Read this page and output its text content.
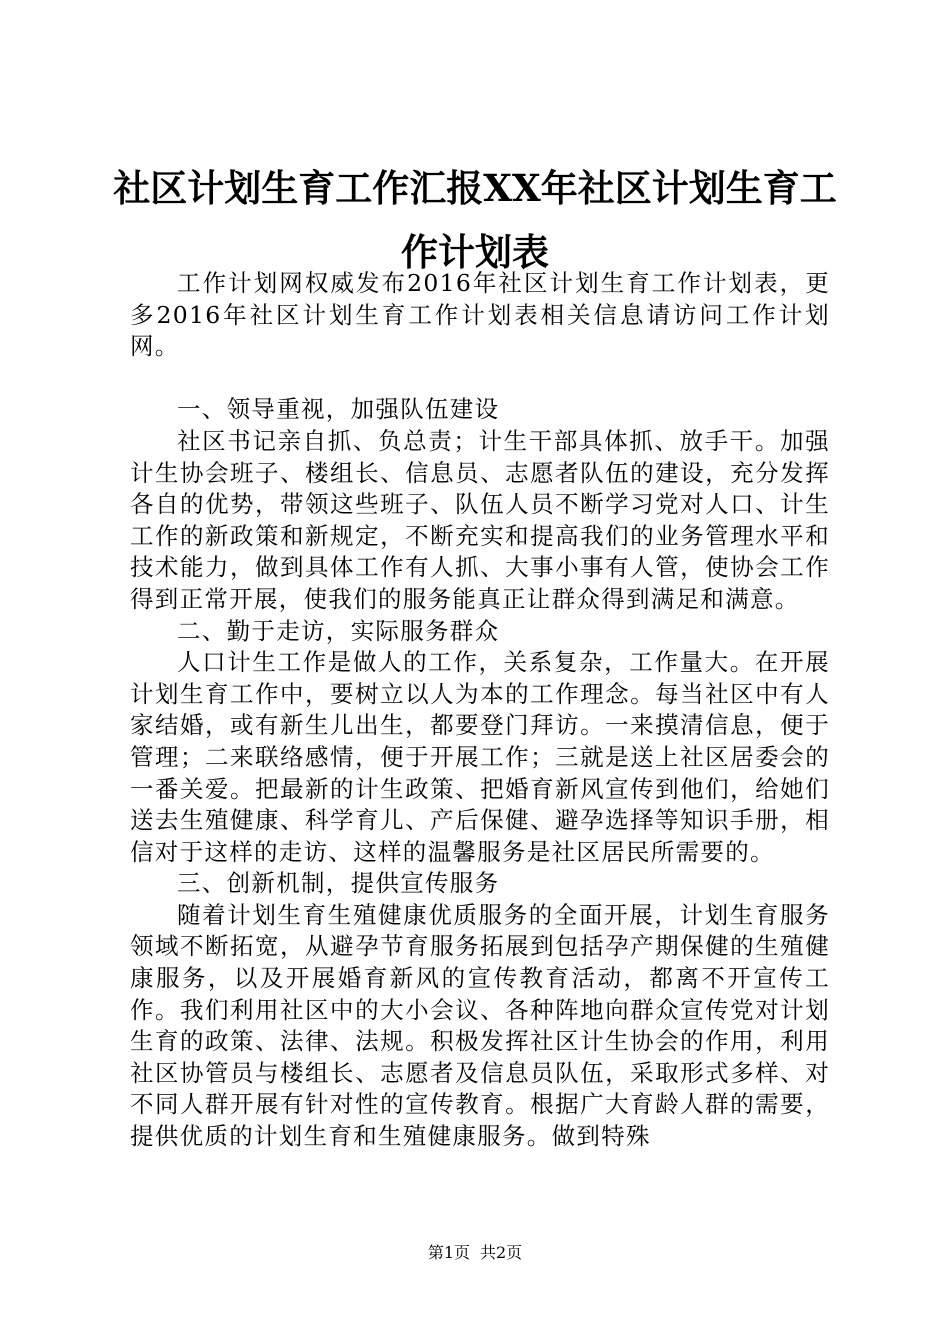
社区计划生育工作汇报XX年社区计划生育工
作计划表

工作计划网权威发布2016年社区计划生育工作计划表，更多2016年社区计划生育工作计划表相关信息请访问工作计划网。

一、领导重视，加强队伍建设

社区书记亲自抓、负总责；计生干部具体抓、放手干。加强计生协会班子、楼组长、信息员、志愿者队伍的建设，充分发挥各自的优势，带领这些班子、队伍人员不断学习党对人口、计生工作的新政策和新规定，不断充实和提高我们的业务管理水平和技术能力，做到具体工作有人抓、大事小事有人管，使协会工作得到正常开展，使我们的服务能真正让群众得到满足和满意。

二、勤于走访，实际服务群众

人口计生工作是做人的工作，关系复杂，工作量大。在开展计划生育工作中，要树立以人为本的工作理念。每当社区中有人家结婚，或有新生儿出生，都要登门拜访。一来摸清信息，便于管理；二来联络感情，便于开展工作；三就是送上社区居委会的一番关爱。把最新的计生政策、把婚育新风宣传到他们，给她们送去生殖健康、科学育儿、产后保健、避孕选择等知识手册，相信对于这样的走访、这样的温馨服务是社区居民所需要的。

三、创新机制，提供宣传服务

随着计划生育生殖健康优质服务的全面开展，计划生育服务领域不断拓宽，从避孕节育服务拓展到包括孕产期保健的生殖健康服务，以及开展婚育新风的宣传教育活动，都离不开宣传工作。我们利用社区中的大小会议、各种阵地向群众宣传党对计划生育的政策、法律、法规。积极发挥社区计生协会的作用，利用社区协管员与楼组长、志愿者及信息员队伍，采取形式多样、对不同人群开展有针对性的宣传教育。根据广大育龄人群的需要，提供优质的计划生育和生殖健康服务。做到特殊

第1页 共2页
